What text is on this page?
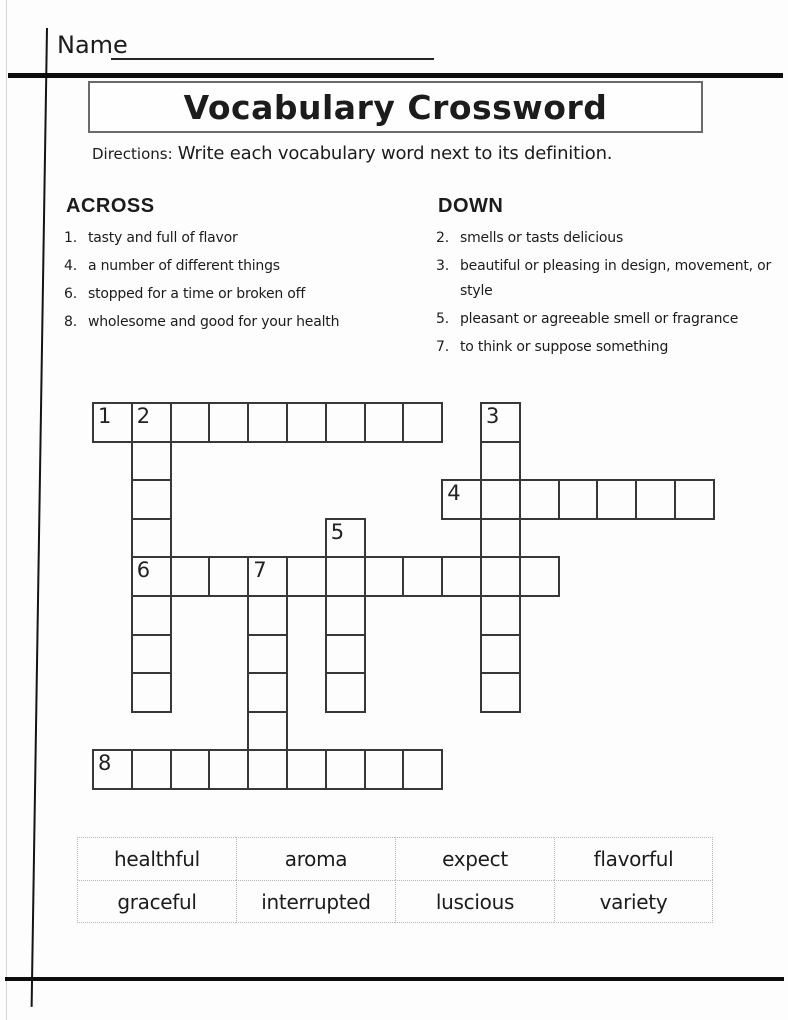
Name
Vocabulary Crossword
Directions: Write each vocabulary word next to its definition.
ACROSS
1. tasty and full of flavor
4. a number of different things
6. stopped for a time or broken off
8. wholesome and good for your health
DOWN
2. smells or tasts delicious
3. beautiful or pleasing in design, movement, or style
5. pleasant or agreeable smell or fragrance
7. to think or suppose something
1 2
6
3
4
5
7
8
healthful	aroma	expect	flavorful
graceful	interrupted	luscious	variety
